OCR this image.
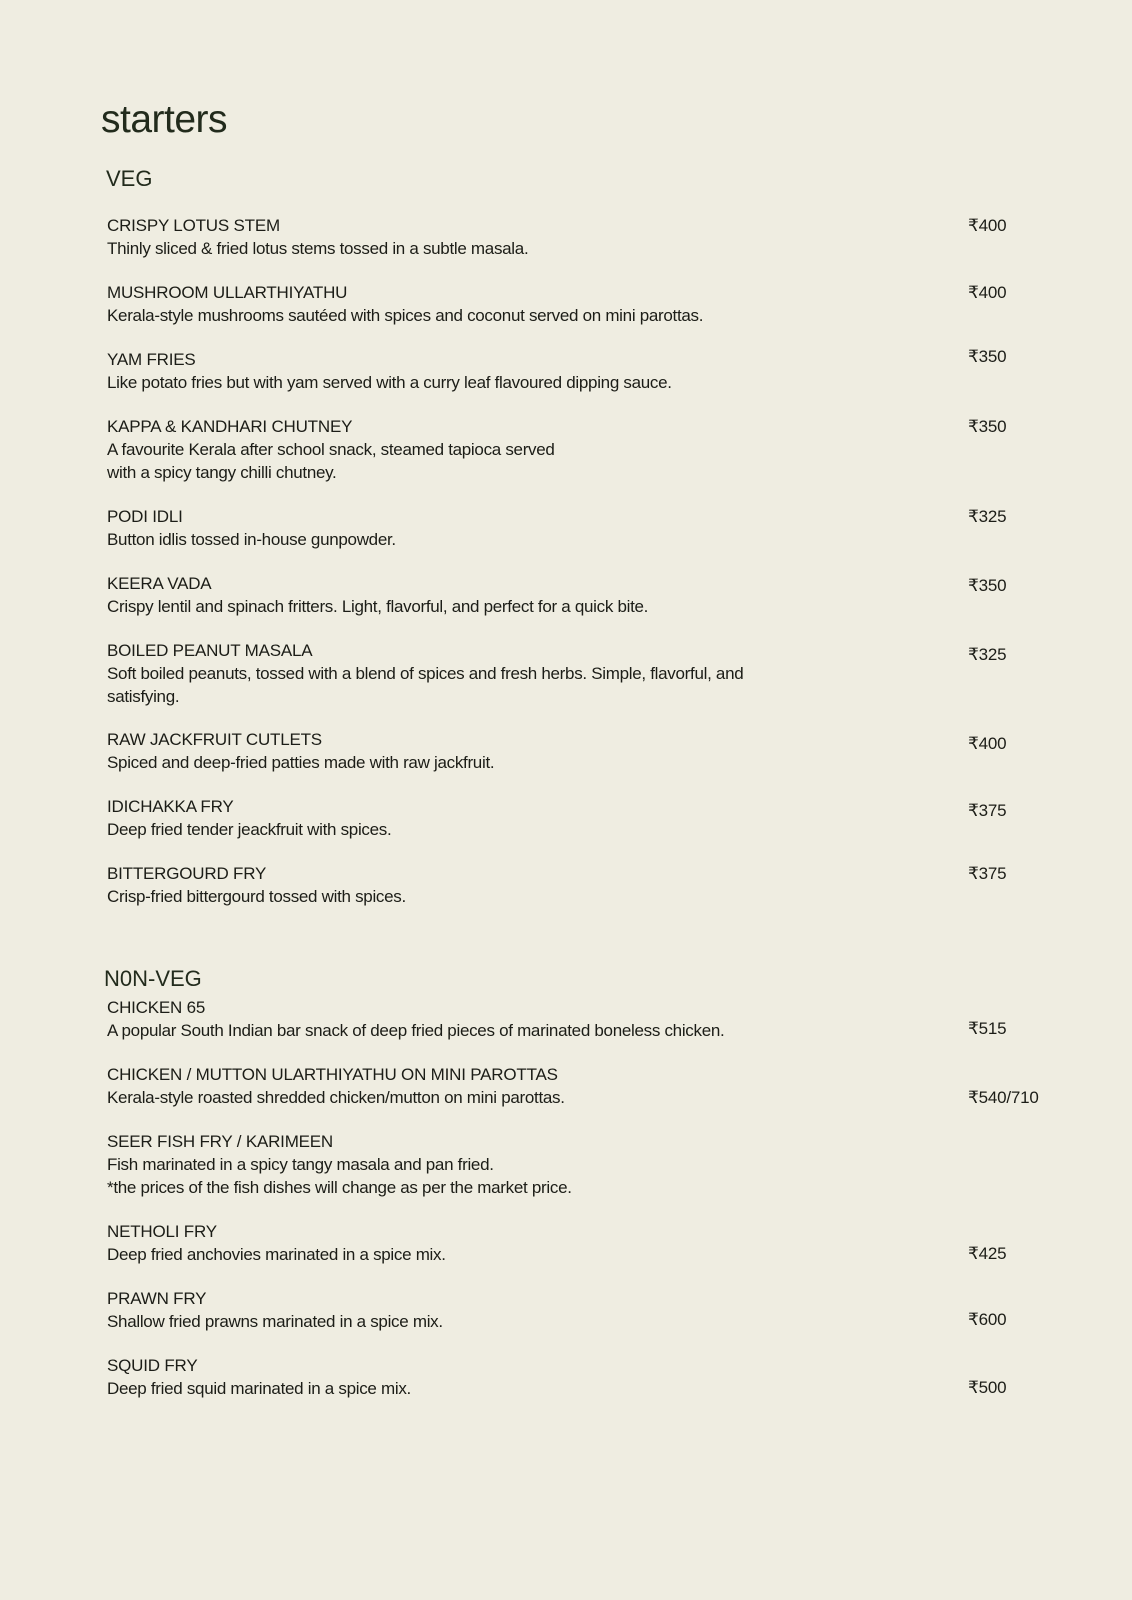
starters
VEG
CRISPY LOTUS STEM
Thinly sliced & fried lotus stems tossed in a subtle masala.
₹400
MUSHROOM ULLARTHIYATHU
Kerala-style mushrooms sautéed with spices and coconut served on mini parottas.
₹400
YAM FRIES
Like potato fries but with yam served with a curry leaf flavoured dipping sauce.
₹350
KAPPA & KANDHARI CHUTNEY
A favourite Kerala after school snack, steamed tapioca served
with a spicy tangy chilli chutney.
₹350
PODI IDLI
Button idlis tossed in-house gunpowder.
₹325
KEERA VADA
Crispy lentil and spinach fritters. Light, flavorful, and perfect for a quick bite.
₹350
BOILED PEANUT MASALA
Soft boiled peanuts, tossed with a blend of spices and fresh herbs. Simple, flavorful, and
satisfying.
₹325
RAW JACKFRUIT CUTLETS
Spiced and deep-fried patties made with raw jackfruit.
₹400
IDICHAKKA FRY
Deep fried tender jeackfruit with spices.
₹375
BITTERGOURD FRY
Crisp-fried bittergourd tossed with spices.
₹375
N0N-VEG
CHICKEN 65
A popular South Indian bar snack of deep fried pieces of marinated boneless chicken.	₹515
CHICKEN / MUTTON ULARTHIYATHU ON MINI PAROTTAS
Kerala-style roasted shredded chicken/mutton on mini parottas.	₹540/710
SEER FISH FRY / KARIMEEN
Fish marinated in a spicy tangy masala and pan fried.
*the prices of the fish dishes will change as per the market price.
NETHOLI FRY
Deep fried anchovies marinated in a spice mix.	₹425
PRAWN FRY
Shallow fried prawns marinated in a spice mix.	₹600
SQUID FRY
Deep fried squid marinated in a spice mix.	₹500
